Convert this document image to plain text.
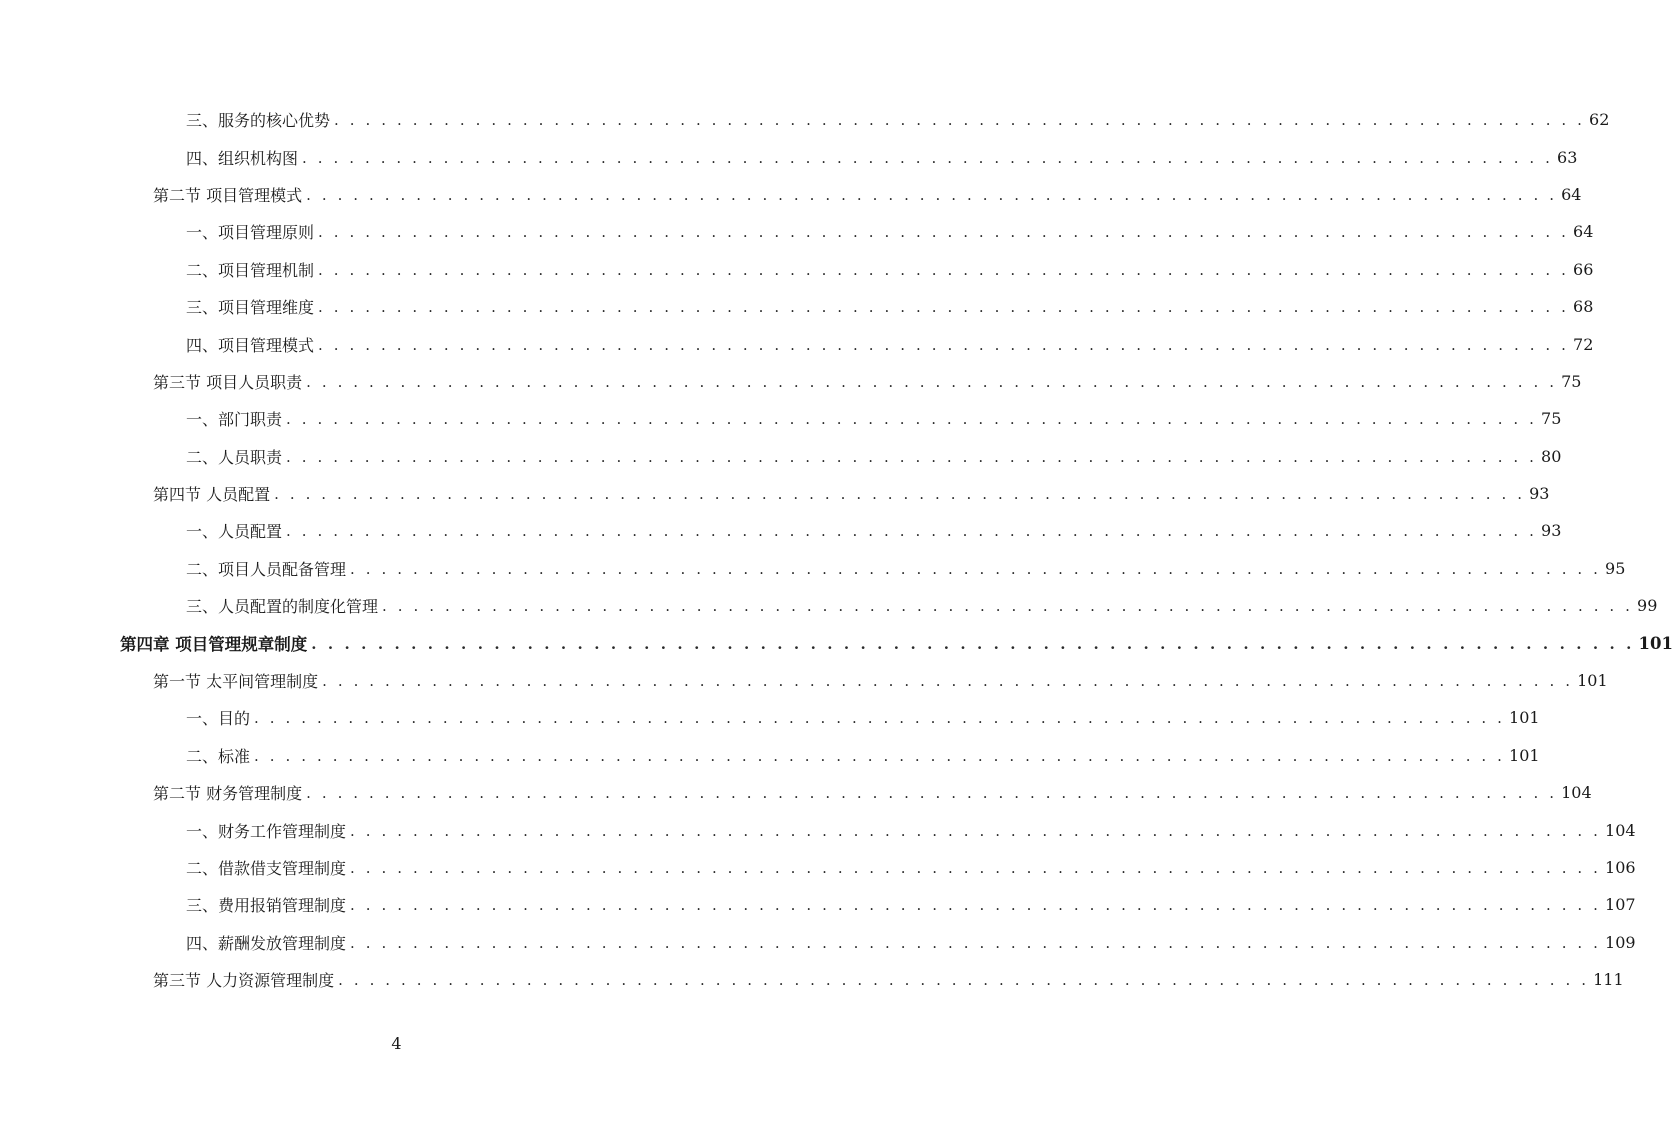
三、服务的核心优势 . . . . . . . . . . . . . . . . . . . . . . . . . . . . . . . . . . . . . . . . . . . . . . . . . . . . . . . . . . . . . . . . . . . . . . . . . . . . . . . . 62
四、组织机构图 . . . . . . . . . . . . . . . . . . . . . . . . . . . . . . . . . . . . . . . . . . . . . . . . . . . . . . . . . . . . . . . . . . . . . . . . . . . . . . . . 63
第二节 项目管理模式 . . . . . . . . . . . . . . . . . . . . . . . . . . . . . . . . . . . . . . . . . . . . . . . . . . . . . . . . . . . . . . . . . . . . . . . . . . . . . . . . 64
一、项目管理原则 . . . . . . . . . . . . . . . . . . . . . . . . . . . . . . . . . . . . . . . . . . . . . . . . . . . . . . . . . . . . . . . . . . . . . . . . . . . . . . . . 64
二、项目管理机制 . . . . . . . . . . . . . . . . . . . . . . . . . . . . . . . . . . . . . . . . . . . . . . . . . . . . . . . . . . . . . . . . . . . . . . . . . . . . . . . . 66
三、项目管理维度 . . . . . . . . . . . . . . . . . . . . . . . . . . . . . . . . . . . . . . . . . . . . . . . . . . . . . . . . . . . . . . . . . . . . . . . . . . . . . . . . 68
四、项目管理模式 . . . . . . . . . . . . . . . . . . . . . . . . . . . . . . . . . . . . . . . . . . . . . . . . . . . . . . . . . . . . . . . . . . . . . . . . . . . . . . . . 72
第三节 项目人员职责 . . . . . . . . . . . . . . . . . . . . . . . . . . . . . . . . . . . . . . . . . . . . . . . . . . . . . . . . . . . . . . . . . . . . . . . . . . . . . . . . 75
一、部门职责 . . . . . . . . . . . . . . . . . . . . . . . . . . . . . . . . . . . . . . . . . . . . . . . . . . . . . . . . . . . . . . . . . . . . . . . . . . . . . . . . 75
二、人员职责 . . . . . . . . . . . . . . . . . . . . . . . . . . . . . . . . . . . . . . . . . . . . . . . . . . . . . . . . . . . . . . . . . . . . . . . . . . . . . . . . 80
第四节 人员配置 . . . . . . . . . . . . . . . . . . . . . . . . . . . . . . . . . . . . . . . . . . . . . . . . . . . . . . . . . . . . . . . . . . . . . . . . . . . . . . . . 93
一、人员配置 . . . . . . . . . . . . . . . . . . . . . . . . . . . . . . . . . . . . . . . . . . . . . . . . . . . . . . . . . . . . . . . . . . . . . . . . . . . . . . . . 93
二、项目人员配备管理 . . . . . . . . . . . . . . . . . . . . . . . . . . . . . . . . . . . . . . . . . . . . . . . . . . . . . . . . . . . . . . . . . . . . . . . . . . . . . . . . 95
三、人员配置的制度化管理 . . . . . . . . . . . . . . . . . . . . . . . . . . . . . . . . . . . . . . . . . . . . . . . . . . . . . . . . . . . . . . . . . . . . . . . . . . . . . . . . 99
第四章 项目管理规章制度 . . . . . . . . . . . . . . . . . . . . . . . . . . . . . . . . . . . . . . . . . . . . . . . . . . . . . . . . . . . . . . . . . . . . . . . . . . . . . . . . 101
第一节 太平间管理制度 . . . . . . . . . . . . . . . . . . . . . . . . . . . . . . . . . . . . . . . . . . . . . . . . . . . . . . . . . . . . . . . . . . . . . . . . . . . . . . . . 101
一、目的 . . . . . . . . . . . . . . . . . . . . . . . . . . . . . . . . . . . . . . . . . . . . . . . . . . . . . . . . . . . . . . . . . . . . . . . . . . . . . . . . 101
二、标准 . . . . . . . . . . . . . . . . . . . . . . . . . . . . . . . . . . . . . . . . . . . . . . . . . . . . . . . . . . . . . . . . . . . . . . . . . . . . . . . . 101
第二节 财务管理制度 . . . . . . . . . . . . . . . . . . . . . . . . . . . . . . . . . . . . . . . . . . . . . . . . . . . . . . . . . . . . . . . . . . . . . . . . . . . . . . . . 104
一、财务工作管理制度 . . . . . . . . . . . . . . . . . . . . . . . . . . . . . . . . . . . . . . . . . . . . . . . . . . . . . . . . . . . . . . . . . . . . . . . . . . . . . . . . 104
二、借款借支管理制度 . . . . . . . . . . . . . . . . . . . . . . . . . . . . . . . . . . . . . . . . . . . . . . . . . . . . . . . . . . . . . . . . . . . . . . . . . . . . . . . . 106
三、费用报销管理制度 . . . . . . . . . . . . . . . . . . . . . . . . . . . . . . . . . . . . . . . . . . . . . . . . . . . . . . . . . . . . . . . . . . . . . . . . . . . . . . . . 107
四、薪酬发放管理制度 . . . . . . . . . . . . . . . . . . . . . . . . . . . . . . . . . . . . . . . . . . . . . . . . . . . . . . . . . . . . . . . . . . . . . . . . . . . . . . . . 109
第三节 人力资源管理制度 . . . . . . . . . . . . . . . . . . . . . . . . . . . . . . . . . . . . . . . . . . . . . . . . . . . . . . . . . . . . . . . . . . . . . . . . . . . . . . . . 111
4
